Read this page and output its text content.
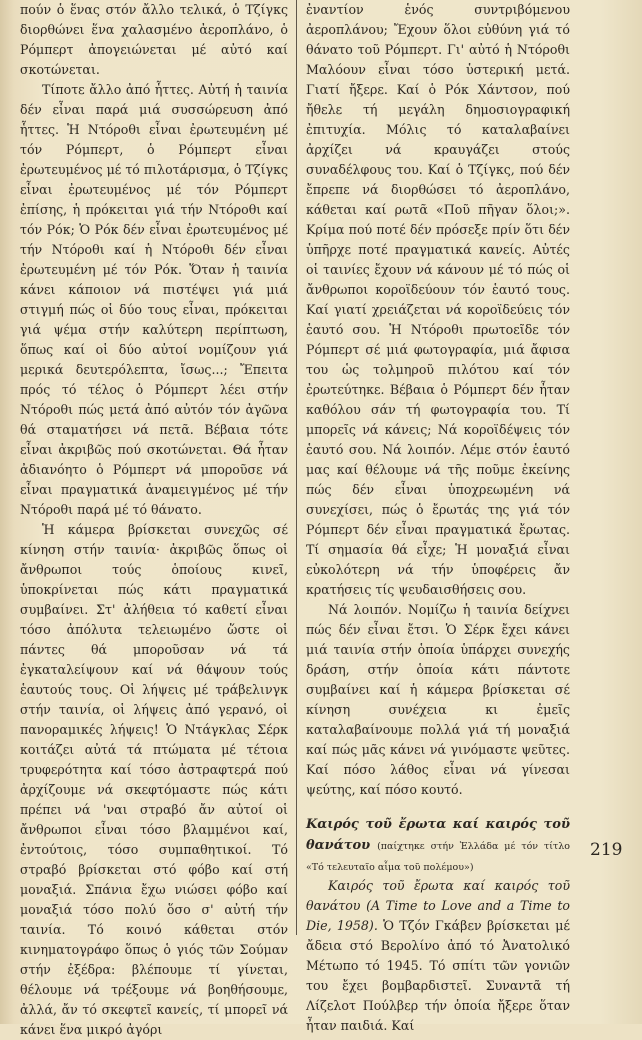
πούν ὁ ἕνας στόν ἄλλο τελικά, ὁ Τζίγκς διορθώνει ἕνα χαλασμένο ἀεροπλάνο, ὁ Ρόμπερτ ἀπογειώνεται μέ αὐτό καί σκοτώνεται.

Τίποτε ἄλλο ἀπό ἧττες. Αὐτή ἡ ταινία δέν εἶναι παρά μιά συσσώρευση ἀπό ἧττες. Ἡ Ντόροθι εἶναι ἐρωτευμένη μέ τόν Ρόμπερτ, ὁ Ρόμπερτ εἶναι ἐρωτευμένος μέ τό πιλοτάρισμα, ὁ Τζίγκς εἶναι ἐρωτευμένος μέ τόν Ρόμπερτ ἐπίσης, ἡ πρόκειται γιά τήν Ντόροθι καί τόν Ρόκ; Ὁ Ρόκ δέν εἶναι ἐρωτευμένος μέ τήν Ντόροθι καί ἡ Ντόροθι δέν εἶναι ἐρωτευμένη μέ τόν Ρόκ. Ὅταν ἡ ταινία κάνει κάποιον νά πιστέψει γιά μιά στιγμή πώς οἱ δύο τους εἶναι, πρόκειται γιά ψέμα στήν καλύτερη περίπτωση, ὅπως καί οἱ δύο αὐτοί νομίζουν γιά μερικά δευτερόλεπτα, ἴσως...; Ἔπειτα πρός τό τέλος ὁ Ρόμπερτ λέει στήν Ντόροθι πώς μετά ἀπό αὐτόν τόν ἀγῶνα θά σταματήσει νά πετᾶ. Βέβαια τότε εἶναι ἀκριβῶς πού σκοτώνεται. Θά ἦταν ἀδιανόητο ὁ Ρόμπερτ νά μποροῦσε νά εἶναι πραγματικά ἀναμειγμένος μέ τήν Ντόροθι παρά μέ τό θάνατο.

Ἡ κάμερα βρίσκεται συνεχῶς σέ κίνηση στήν ταινία· ἀκριβῶς ὅπως οἱ ἄνθρωποι τούς ὁποίους κινεῖ, ὑποκρίνεται πώς κάτι πραγματικά συμβαίνει. Στ' ἀλήθεια τό καθετί εἶναι τόσο ἀπόλυτα τελειωμένο ὥστε οἱ πάντες θά μποροῦσαν νά τά ἐγκαταλείψουν καί νά θάψουν τούς ἑαυτούς τους. Οἱ λήψεις μέ τράβελινγκ στήν ταινία, οἱ λήψεις ἀπό γερανό, οἱ πανοραμικές λήψεις! Ὁ Ντάγκλας Σέρκ κοιτάζει αὐτά τά πτώματα μέ τέτοια τρυφερότητα καί τόσο ἀστραφτερά πού ἀρχίζουμε νά σκεφτόμαστε πώς κάτι πρέπει νά 'ναι στραβό ἄν αὐτοί οἱ ἄνθρωποι εἶναι τόσο βλαμμένοι καί, ἐντούτοις, τόσο συμπαθητικοί. Τό στραβό βρίσκεται στό φόβο καί στή μοναξιά. Σπάνια ἔχω νιώσει φόβο καί μοναξιά τόσο πολύ ὅσο σ' αὐτή τήν ταινία. Τό κοινό κάθεται στόν κινηματογράφο ὅπως ὁ γιός τῶν Σούμαν στήν ἐξέδρα: βλέπουμε τί γίνεται, θέλουμε νά τρέξουμε νά βοηθήσουμε, ἀλλά, ἄν τό σκεφτεῖ κανείς, τί μπορεῖ νά κάνει ἕνα μικρό ἀγόρι

ἐναντίον ἑνός συντριβόμενου ἀεροπλάνου; Ἔχουν ὅλοι εὐθύνη γιά τό θάνατο τοῦ Ρόμπερτ. Γι' αὐτό ἡ Ντόροθι Μαλόουν εἶναι τόσο ὑστερική μετά. Γιατί ἤξερε. Καί ὁ Ρόκ Χάντσον, πού ἤθελε τή μεγάλη δημοσιογραφική ἐπιτυχία. Μόλις τό καταλαβαίνει ἀρχίζει νά κραυγάζει στούς συναδέλφους του. Καί ὁ Τζίγκς, πού δέν ἔπρεπε νά διορθώσει τό ἀεροπλάνο, κάθεται καί ρωτᾶ «Ποῦ πῆγαν ὅλοι;». Κρίμα πού ποτέ δέν πρόσεξε πρίν ὅτι δέν ὑπῆρχε ποτέ πραγματικά κανείς. Αὐτές οἱ ταινίες ἔχουν νά κάνουν μέ τό πώς οἱ ἄνθρωποι κοροϊδεύουν τόν ἑαυτό τους. Καί γιατί χρειάζεται νά κοροϊδεύεις τόν ἑαυτό σου. Ἡ Ντόροθι πρωτοεῖδε τόν Ρόμπερτ σέ μιά φωτογραφία, μιά ἄφισα του ὡς τολμηροῦ πιλότου καί τόν ἐρωτεύτηκε. Βέβαια ὁ Ρόμπερτ δέν ἦταν καθόλου σάν τή φωτογραφία του. Τί μπορεῖς νά κάνεις; Νά κοροϊδέψεις τόν ἑαυτό σου. Νά λοιπόν. Λέμε στόν ἑαυτό μας καί θέλουμε νά τῆς ποῦμε ἐκείνης πώς δέν εἶναι ὑποχρεωμένη νά συνεχίσει, πώς ὁ ἔρωτάς της γιά τόν Ρόμπερτ δέν εἶναι πραγματικά ἔρωτας. Τί σημασία θά εἶχε; Ἡ μοναξιά εἶναι εὐκολότερη νά τήν ὑποφέρεις ἄν κρατήσεις τίς ψευδαισθήσεις σου.

Νά λοιπόν. Νομίζω ἡ ταινία δείχνει πώς δέν εἶναι ἔτσι. Ὁ Σέρκ ἔχει κάνει μιά ταινία στήν ὁποία ὑπάρχει συνεχής δράση, στήν ὁποία κάτι πάντοτε συμβαίνει καί ἡ κάμερα βρίσκεται σέ κίνηση συνέχεια κι ἐμεῖς καταλαβαίνουμε πολλά γιά τή μοναξιά καί πώς μᾶς κάνει νά γινόμαστε ψεῦτες. Καί πόσο λάθος εἶναι νά γίνεσαι ψεύτης, καί πόσο κουτό.

Καιρός τοῦ ἔρωτα καί καιρός τοῦ θανάτου (παίχτηκε στήν Ἑλλάδα μέ τόν τίτλο «Τό τελευταῖο αἷμα τοῦ πολέμου»)

Καιρός τοῦ ἔρωτα καί καιρός τοῦ θανάτου (A Time to Love and a Time to Die, 1958). Ὁ Τζόν Γκάβεν βρίσκεται μέ ἄδεια στό Βερολίνο ἀπό τό Ἀνατολικό Μέτωπο τό 1945. Τό σπίτι τῶν γονιῶν του ἔχει βομβαρδιστεῖ. Συναντᾶ τή Λίζελοτ Πούλβερ τήν ὁποία ἤξερε ὅταν ἦταν παιδιά. Καί

219
